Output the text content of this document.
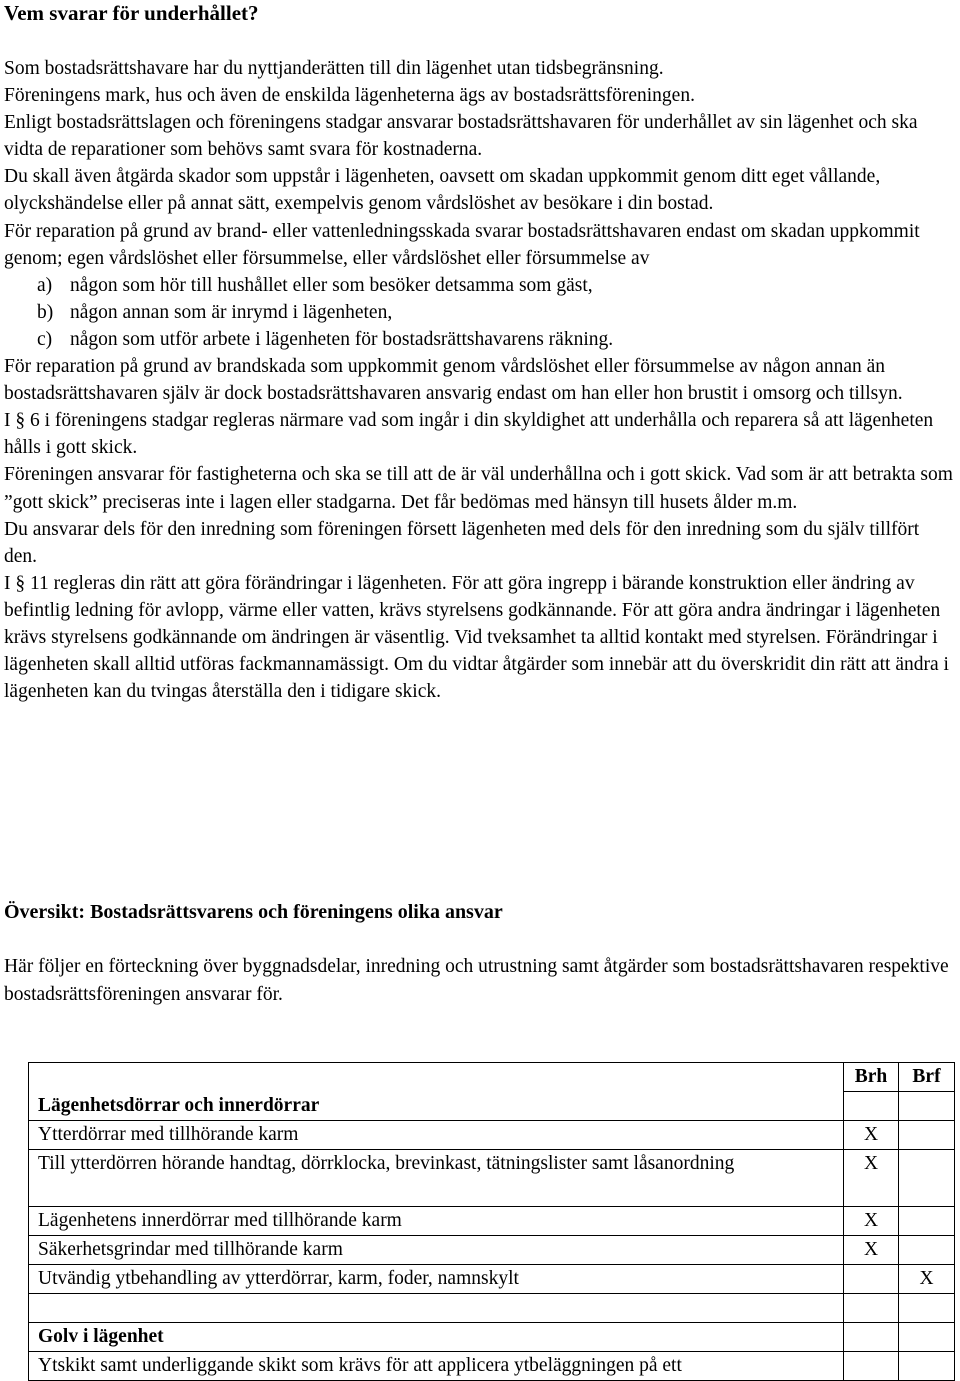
Vem svarar för underhållet?

Som bostadsrättshavare har du nyttjanderätten till din lägenhet utan tidsbegränsning.

Föreningens mark, hus och även de enskilda lägenheterna ägs av bostadsrättsföreningen.

Enligt bostadsrättslagen och föreningens stadgar ansvarar bostadsrättshavaren för underhållet av sin lägenhet och ska vidta de reparationer som behövs samt svara för kostnaderna.

Du skall även åtgärda skador som uppstår i lägenheten, oavsett om skadan uppkommit genom ditt eget vållande, olyckshändelse eller på annat sätt, exempelvis genom vårdslöshet av besökare i din bostad.

För reparation på grund av brand- eller vattenledningsskada svarar bostadsrättshavaren endast om skadan uppkommit genom; egen vårdslöshet eller försummelse, eller vårdslöshet eller försummelse av

a) någon som hör till hushållet eller som besöker detsamma som gäst,
b) någon annan som är inrymd i lägenheten,
c) någon som utför arbete i lägenheten för bostadsrättshavarens räkning.

För reparation på grund av brandskada som uppkommit genom vårdslöshet eller försummelse av någon annan än bostadsrättshavaren själv är dock bostadsrättshavaren ansvarig endast om han eller hon brustit i omsorg och tillsyn.

I § 6 i föreningens stadgar regleras närmare vad som ingår i din skyldighet att underhålla och reparera så att lägenheten hålls i gott skick.

Föreningen ansvarar för fastigheterna och ska se till att de är väl underhållna och i gott skick. Vad som är att betrakta som ”gott skick” preciseras inte i lagen eller stadgarna. Det får bedömas med hänsyn till husets ålder m.m.

Du ansvarar dels för den inredning som föreningen försett lägenheten med dels för den inredning som du själv tillfört den.

I § 11 regleras din rätt att göra förändringar i lägenheten. För att göra ingrepp i bärande konstruktion eller ändring av befintlig ledning för avlopp, värme eller vatten, krävs styrelsens godkännande. För att göra andra ändringar i lägenheten krävs styrelsens godkännande om ändringen är väsentlig. Vid tveksamhet ta alltid kontakt med styrelsen. Förändringar i lägenheten skall alltid utföras fackmannamässigt. Om du vidtar åtgärder som innebär att du överskridit din rätt att ändra i lägenheten kan du tvingas återställa den i tidigare skick.

Översikt: Bostadsrättsvarens och föreningens olika ansvar
Här följer en förteckning över byggnadsdelar, inredning och utrustning samt åtgärder som bostadsrättshavaren respektive bostadsrättsföreningen ansvarar för.
	Brh	Brf
Lägenhetsdörrar och innerdörrar		
Ytterdörrar med tillhörande karm	X	
Till ytterdörren hörande handtag, dörrklocka, brevinkast, tätningslister samt låsanordning	X	
Lägenhetens innerdörrar med tillhörande karm	X	
Säkerhetsgrindar med tillhörande karm	X	
Utvändig ytbehandling av ytterdörrar, karm, foder, namnskylt		X

Golv i lägenhet		
Ytskikt samt underliggande skikt som krävs för att applicera ytbeläggningen på ett		
